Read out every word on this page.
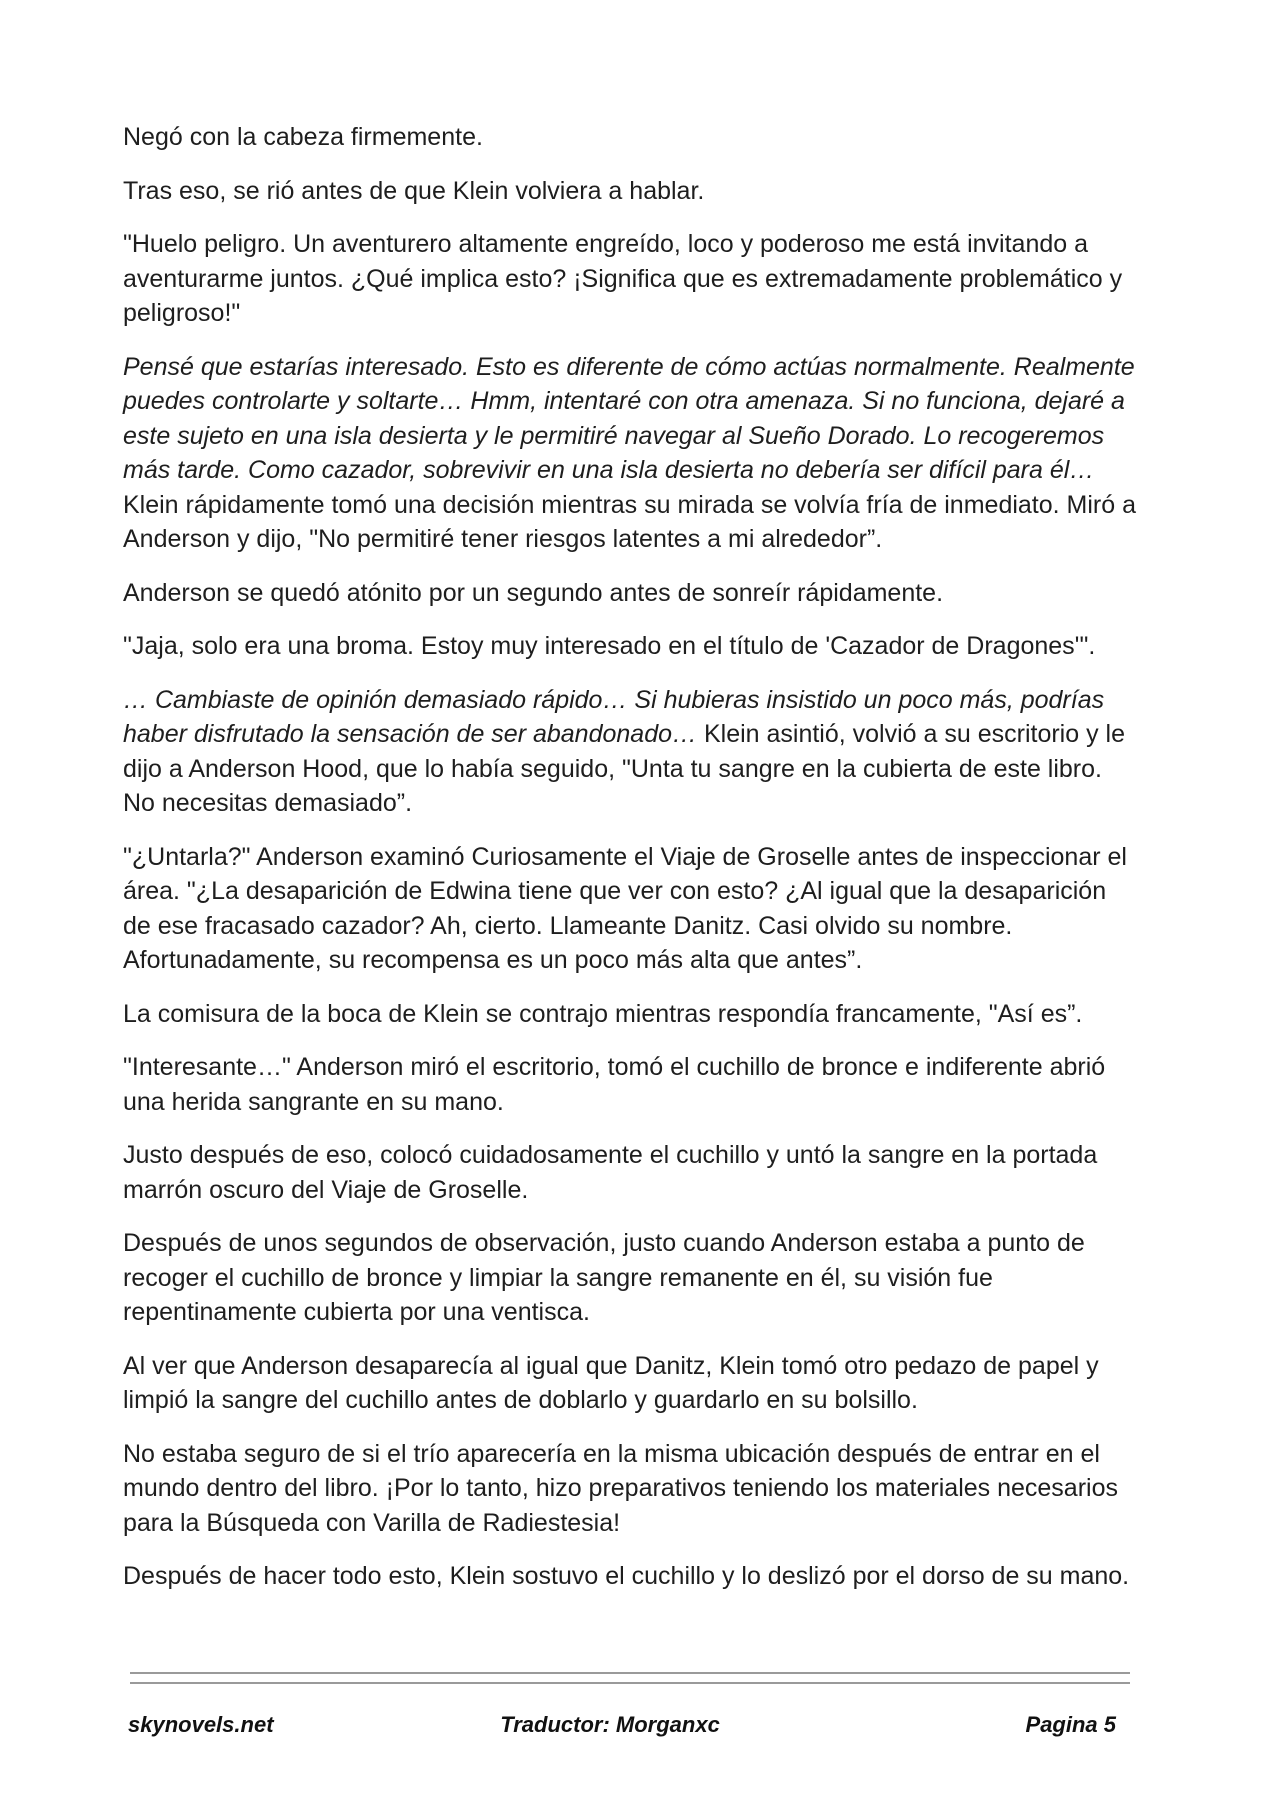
Negó con la cabeza firmemente.

Tras eso, se rió antes de que Klein volviera a hablar.

"Huelo peligro. Un aventurero altamente engreído, loco y poderoso me está invitando a aventurarme juntos. ¿Qué implica esto? ¡Significa que es extremadamente problemático y peligroso!"

Pensé que estarías interesado. Esto es diferente de cómo actúas normalmente. Realmente puedes controlarte y soltarte… Hmm, intentaré con otra amenaza. Si no funciona, dejaré a este sujeto en una isla desierta y le permitiré navegar al Sueño Dorado. Lo recogeremos más tarde. Como cazador, sobrevivir en una isla desierta no debería ser difícil para él… Klein rápidamente tomó una decisión mientras su mirada se volvía fría de inmediato. Miró a Anderson y dijo, "No permitiré tener riesgos latentes a mi alrededor”.

Anderson se quedó atónito por un segundo antes de sonreír rápidamente.

"Jaja, solo era una broma. Estoy muy interesado en el título de 'Cazador de Dragones'".

… Cambiaste de opinión demasiado rápido… Si hubieras insistido un poco más, podrías haber disfrutado la sensación de ser abandonado… Klein asintió, volvió a su escritorio y le dijo a Anderson Hood, que lo había seguido, "Unta tu sangre en la cubierta de este libro. No necesitas demasiado”.

"¿Untarla?" Anderson examinó Curiosamente el Viaje de Groselle antes de inspeccionar el área. "¿La desaparición de Edwina tiene que ver con esto? ¿Al igual que la desaparición de ese fracasado cazador? Ah, cierto. Llameante Danitz. Casi olvido su nombre. Afortunadamente, su recompensa es un poco más alta que antes”.

La comisura de la boca de Klein se contrajo mientras respondía francamente, "Así es”.

"Interesante…" Anderson miró el escritorio, tomó el cuchillo de bronce e indiferente abrió una herida sangrante en su mano.

Justo después de eso, colocó cuidadosamente el cuchillo y untó la sangre en la portada marrón oscuro del Viaje de Groselle.

Después de unos segundos de observación, justo cuando Anderson estaba a punto de recoger el cuchillo de bronce y limpiar la sangre remanente en él, su visión fue repentinamente cubierta por una ventisca.

Al ver que Anderson desaparecía al igual que Danitz, Klein tomó otro pedazo de papel y limpió la sangre del cuchillo antes de doblarlo y guardarlo en su bolsillo.

No estaba seguro de si el trío aparecería en la misma ubicación después de entrar en el mundo dentro del libro. ¡Por lo tanto, hizo preparativos teniendo los materiales necesarios para la Búsqueda con Varilla de Radiestesia!

Después de hacer todo esto, Klein sostuvo el cuchillo y lo deslizó por el dorso de su mano.

skynovels.net	Traductor: Morganxc	Pagina 5
